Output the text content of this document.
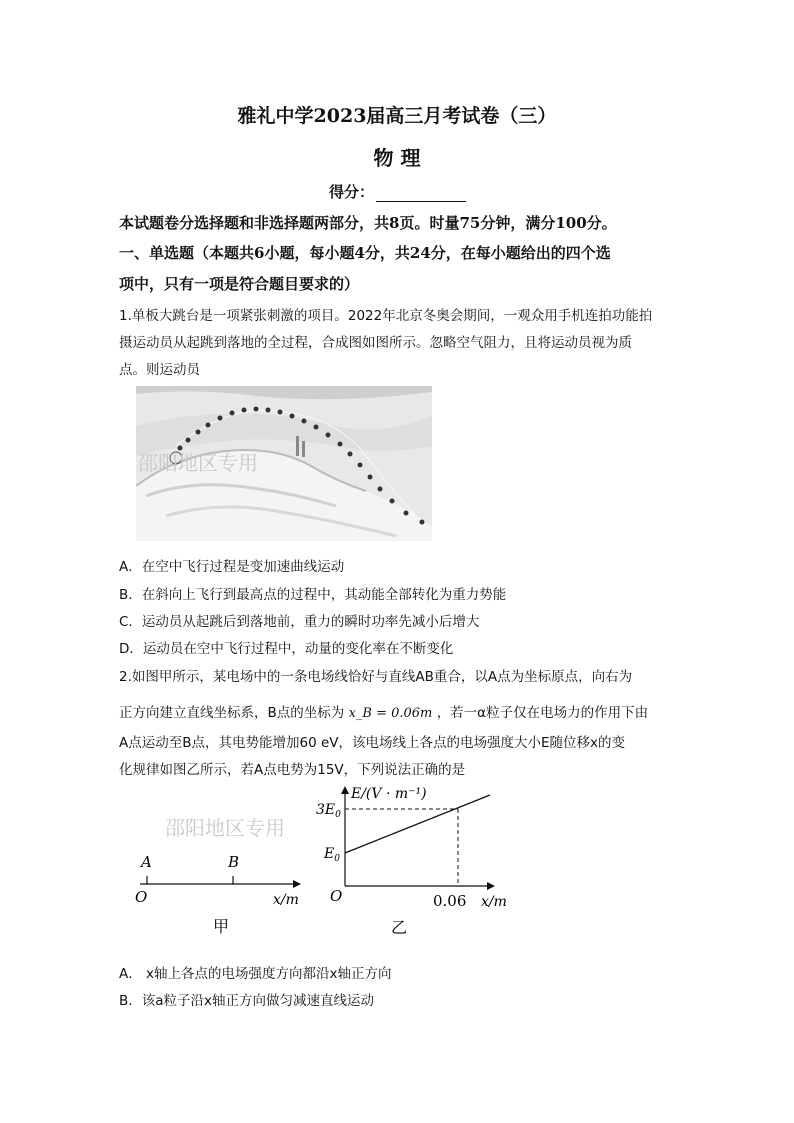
雅礼中学2023届高三月考试卷（三）
物 理
得分：
本试题卷分选择题和非选择题两部分，共8页。时量75分钟，满分100分。
一、单选题（本题共6小题，每小题4分，共24分，在每小题给出的四个选
项中，只有一项是符合题目要求的）
1.单板大跳台是一项紧张刺激的项目。2022年北京冬奥会期间，一观众用手机连拍功能拍
摄运动员从起跳到落地的全过程，合成图如图所示。忽略空气阻力，且将运动员视为质
点。则运动员
邵阳地区专用
A．在空中飞行过程是变加速曲线运动
B．在斜向上飞行到最高点的过程中，其动能全部转化为重力势能
C．运动员从起跳后到落地前，重力的瞬时功率先减小后增大
D．运动员在空中飞行过程中，动量的变化率在不断变化
2.如图甲所示，某电场中的一条电场线恰好与直线AB重合，以A点为坐标原点，向右为
正方向建立直线坐标系，B点的坐标为 x_B = 0.06m ，若一α粒子仅在电场力的作用下由
A点运动至B点，其电势能增加60 eV，该电场线上各点的电场强度大小E随位移x的变
化规律如图乙所示，若A点电势为15V，下列说法正确的是
邵阳地区专用
A	B
O	x/m
甲
E/(V · m⁻¹)
$3E_0$
$E_0$
O	0.06 x/m
乙
A． x轴上各点的电场强度方向都沿x轴正方向
B．该a粒子沿x轴正方向做匀减速直线运动
